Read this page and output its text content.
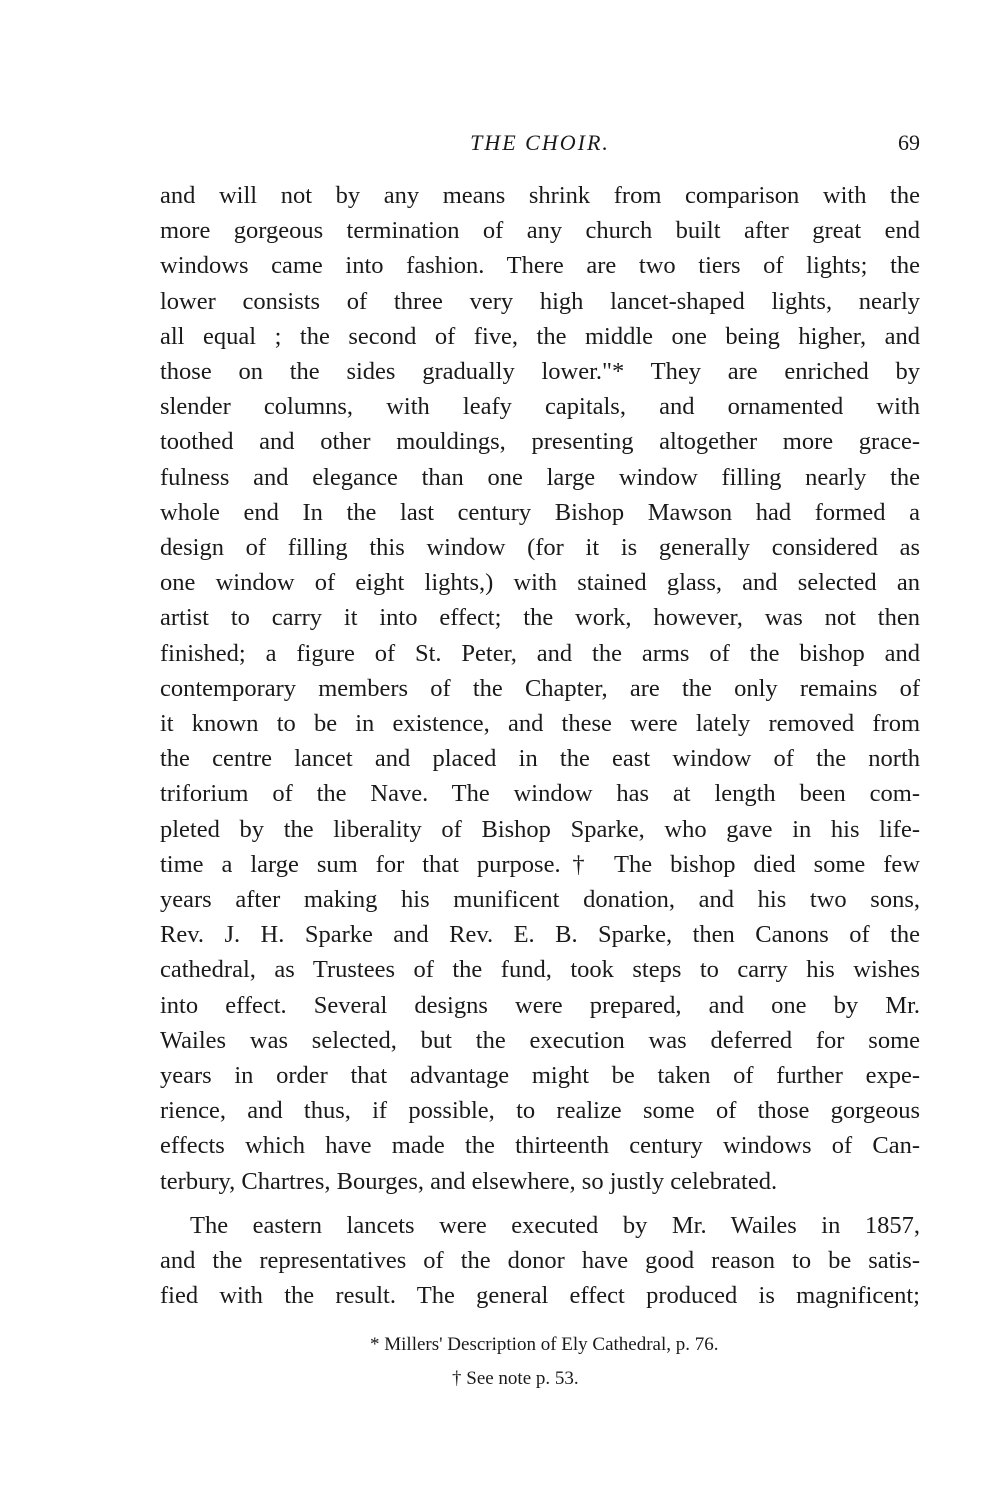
THE CHOIR.	69
and will not by any means shrink from comparison with the
more gorgeous termination of any church built after great end
windows came into fashion. There are two tiers of lights; the
lower consists of three very high lancet-shaped lights, nearly
all equal ; the second of five, the middle one being higher, and
those on the sides gradually lower."* They are enriched by
slender columns, with leafy capitals, and ornamented with
toothed and other mouldings, presenting altogether more grace-
fulness and elegance than one large window filling nearly the
whole end In the last century Bishop Mawson had formed a
design of filling this window (for it is generally considered as
one window of eight lights,) with stained glass, and selected an
artist to carry it into effect; the work, however, was not then
finished; a figure of St. Peter, and the arms of the bishop and
contemporary members of the Chapter, are the only remains of
it known to be in existence, and these were lately removed from
the centre lancet and placed in the east window of the north
triforium of the Nave. The window has at length been com-
pleted by the liberality of Bishop Sparke, who gave in his life-
time a large sum for that purpose.† The bishop died some few
years after making his munificent donation, and his two sons,
Rev. J. H. Sparke and Rev. E. B. Sparke, then Canons of the
cathedral, as Trustees of the fund, took steps to carry his wishes
into effect. Several designs were prepared, and one by Mr.
Wailes was selected, but the execution was deferred for some
years in order that advantage might be taken of further expe-
rience, and thus, if possible, to realize some of those gorgeous
effects which have made the thirteenth century windows of Can-
terbury, Chartres, Bourges, and elsewhere, so justly celebrated.
The eastern lancets were executed by Mr. Wailes in 1857,
and the representatives of the donor have good reason to be satis-
fied with the result. The general effect produced is magnificent;
* Millers' Description of Ely Cathedral, p. 76.
† See note p. 53.
